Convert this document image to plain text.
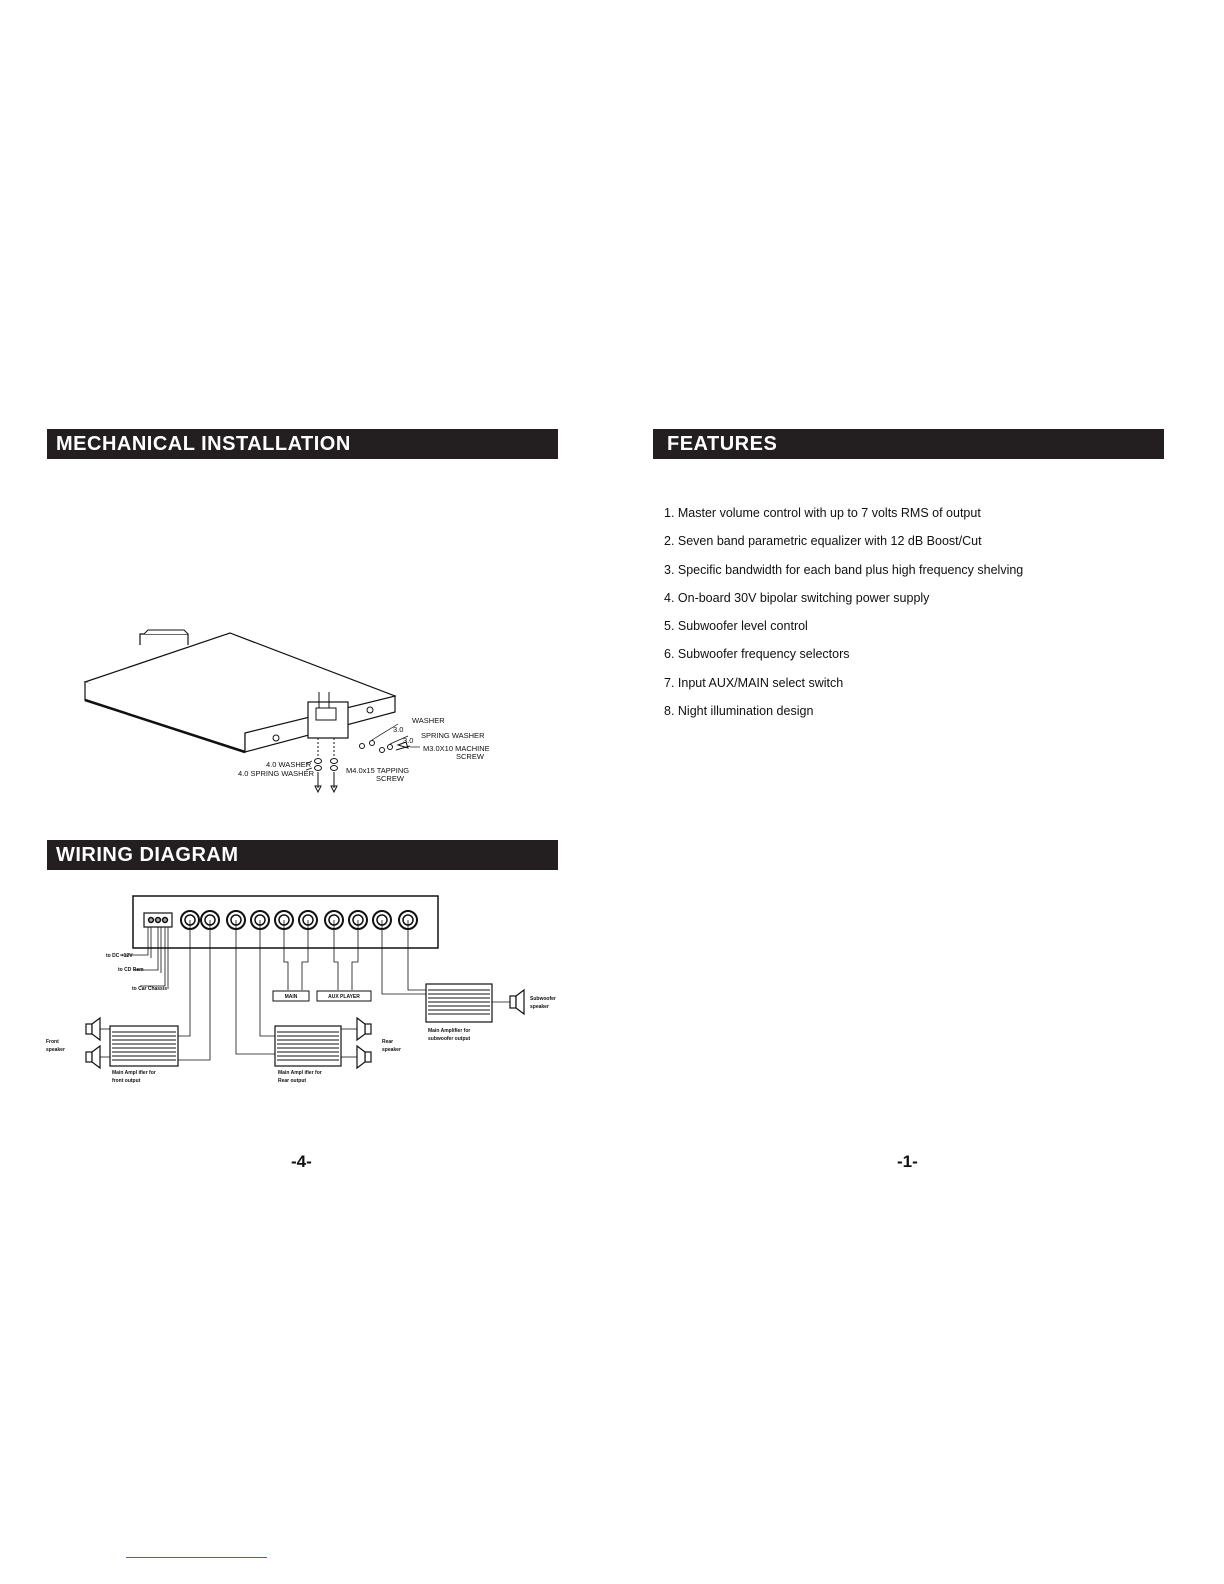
MECHANICAL INSTALLATION
WASHER
3.0
SPRING WASHER
3.0
M3.0X10 MACHINE
SCREW
4.0 WASHER
4.0 SPRING WASHER	M4.0x15 TAPPING
SCREW
WIRING DIAGRAM
to DC +12V
to CD Rem
to Car Chassis
MAIN	AUX PLAYER
Front
speaker
Main Ampl ifier for
front output
Rear
speaker
Main Ampl ifier for
Rear output
Subwoofer
speaker
Main Amplifier for
subwoofer output
-4-
FEATURES
1. Master volume control with up to 7 volts RMS of output
2. Seven band parametric equalizer with 12 dB Boost/Cut
3. Specific bandwidth for each band plus high frequency shelving
4. On-board 30V bipolar switching power supply
5. Subwoofer level control
6. Subwoofer frequency selectors
7. Input AUX/MAIN select switch
8. Night illumination design
-1-
